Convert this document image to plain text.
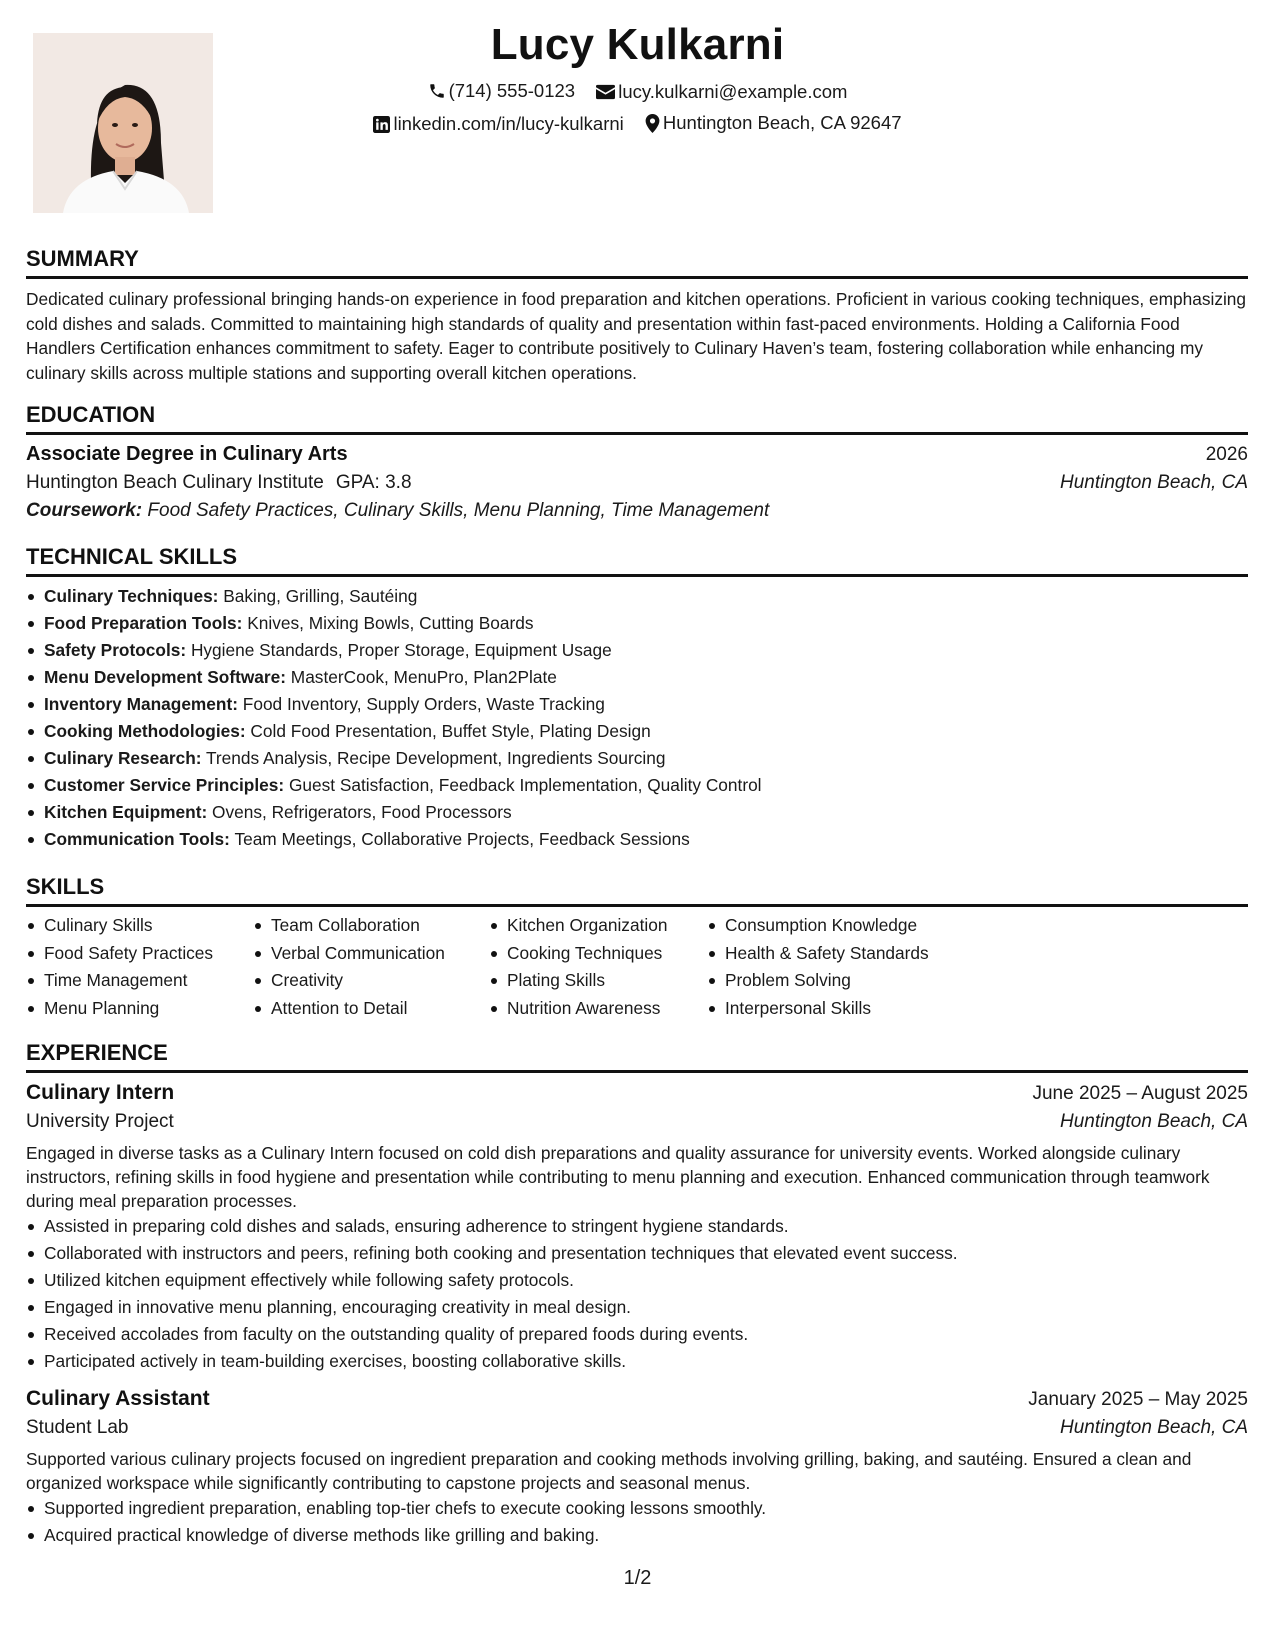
Lucy Kulkarni
(714) 555-0123
lucy.kulkarni@example.com
linkedin.com/in/lucy-kulkarni
Huntington Beach, CA 92647
SUMMARY
Dedicated culinary professional bringing hands-on experience in food preparation and kitchen operations. Proficient in various cooking techniques, emphasizing cold dishes and salads. Committed to maintaining high standards of quality and presentation within fast-paced environments. Holding a California Food Handlers Certification enhances commitment to safety. Eager to contribute positively to Culinary Haven’s team, fostering collaboration while enhancing my culinary skills across multiple stations and supporting overall kitchen operations.
EDUCATION
Associate Degree in Culinary Arts	2026
Huntington Beach Culinary Institute GPA: 3.8	Huntington Beach, CA
Coursework: Food Safety Practices, Culinary Skills, Menu Planning, Time Management
TECHNICAL SKILLS
Culinary Techniques: Baking, Grilling, Sautéing
Food Preparation Tools: Knives, Mixing Bowls, Cutting Boards
Safety Protocols: Hygiene Standards, Proper Storage, Equipment Usage
Menu Development Software: MasterCook, MenuPro, Plan2Plate
Inventory Management: Food Inventory, Supply Orders, Waste Tracking
Cooking Methodologies: Cold Food Presentation, Buffet Style, Plating Design
Culinary Research: Trends Analysis, Recipe Development, Ingredients Sourcing
Customer Service Principles: Guest Satisfaction, Feedback Implementation, Quality Control
Kitchen Equipment: Ovens, Refrigerators, Food Processors
Communication Tools: Team Meetings, Collaborative Projects, Feedback Sessions
SKILLS
Culinary Skills
Food Safety Practices
Time Management
Menu Planning
Team Collaboration
Verbal Communication
Creativity
Attention to Detail
Kitchen Organization
Cooking Techniques
Plating Skills
Nutrition Awareness
Consumption Knowledge
Health & Safety Standards
Problem Solving
Interpersonal Skills
EXPERIENCE
Culinary Intern	June 2025 – August 2025
University Project	Huntington Beach, CA
Engaged in diverse tasks as a Culinary Intern focused on cold dish preparations and quality assurance for university events. Worked alongside culinary instructors, refining skills in food hygiene and presentation while contributing to menu planning and execution. Enhanced communication through teamwork during meal preparation processes.
Assisted in preparing cold dishes and salads, ensuring adherence to stringent hygiene standards.
Collaborated with instructors and peers, refining both cooking and presentation techniques that elevated event success.
Utilized kitchen equipment effectively while following safety protocols.
Engaged in innovative menu planning, encouraging creativity in meal design.
Received accolades from faculty on the outstanding quality of prepared foods during events.
Participated actively in team-building exercises, boosting collaborative skills.
Culinary Assistant	January 2025 – May 2025
Student Lab	Huntington Beach, CA
Supported various culinary projects focused on ingredient preparation and cooking methods involving grilling, baking, and sautéing. Ensured a clean and organized workspace while significantly contributing to capstone projects and seasonal menus.
Supported ingredient preparation, enabling top-tier chefs to execute cooking lessons smoothly.
Acquired practical knowledge of diverse methods like grilling and baking.
1/2
